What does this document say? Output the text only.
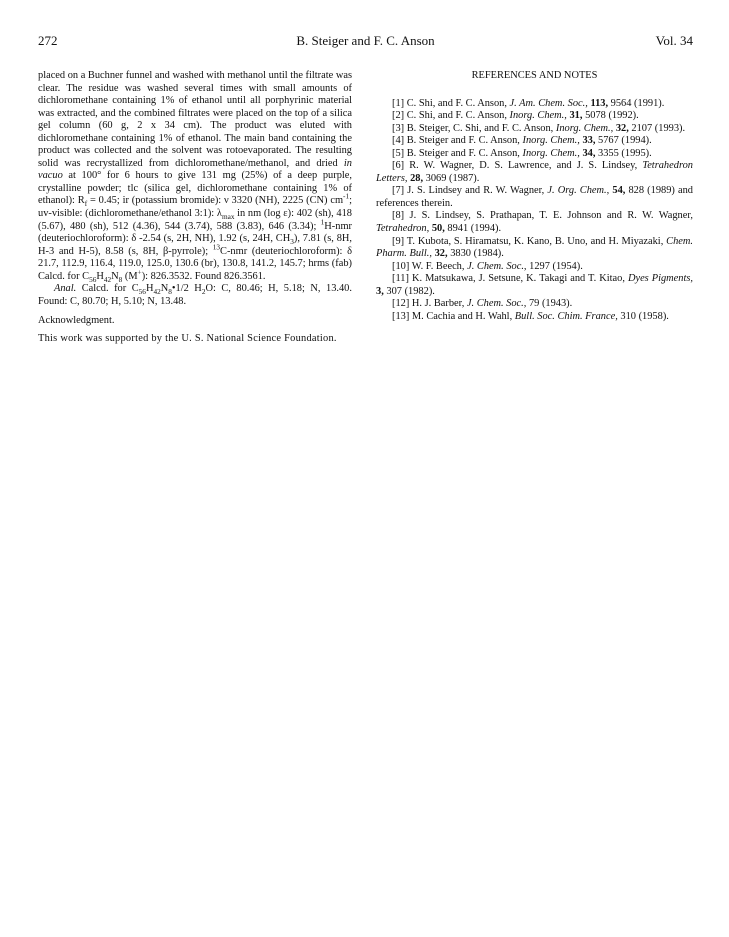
272	B. Steiger and F. C. Anson	Vol. 34

placed on a Buchner funnel and washed with methanol until the filtrate was clear. The residue was washed several times with small amounts of dichloromethane containing 1% of ethanol until all porphyrinic material was extracted, and the combined filtrates were placed on the top of a silica gel column (60 g, 2 x 34 cm). The product was eluted with dichloromethane containing 1% of ethanol. The main band containing the product was collected and the solvent was rotoevaporated. The resulting solid was recrystallized from dichloromethane/methanol, and dried in vacuo at 100° for 6 hours to give 131 mg (25%) of a deep purple, crystalline powder; tlc (silica gel, dichloromethane containing 1% of ethanol): $R_f = 0.45$; ir (potassium bromide): ν 3320 (NH), 2225 (CN) $cm^{-1}$; uv-visible: (dichloromethane/ethanol 3:1): $\lambda_{max}$ in nm (log ε): 402 (sh), 418 (5.67), 480 (sh), 512 (4.36), 544 (3.74), 588 (3.83), 646 (3.34); $^1$H-nmr (deuteriochloroform): δ -2.54 (s, 2H, NH), 1.92 (s, 24H, $CH_3$), 7.81 (s, 8H, H-3 and H-5), 8.58 (s, 8H, β-pyrrole); $^{13}$C-nmr (deuteriochloroform): δ 21.7, 112.9, 116.4, 119.0, 125.0, 130.6 (br), 130.8, 141.2, 145.7; hrms (fab) Calcd. for $C_{56}H_{42}N_8$ (M+): 826.3532. Found 826.3561.

Anal. Calcd. for $C_{56}H_{42}N_8•1/2$ $H_2O$: C, 80.46; H, 5.18; N, 13.40. Found: C, 80.70; H, 5.10; N, 13.48.

Acknowledgment.

This work was supported by the U. S. National Science Foundation.

REFERENCES AND NOTES

[1] C. Shi, and F. C. Anson, J. Am. Chem. Soc., 113, 9564 (1991).

[2] C. Shi, and F. C. Anson, Inorg. Chem., 31, 5078 (1992).

[3] B. Steiger, C. Shi, and F. C. Anson, Inorg. Chem., 32, 2107 (1993).

[4] B. Steiger and F. C. Anson, Inorg. Chem., 33, 5767 (1994).

[5] B. Steiger and F. C. Anson, Inorg. Chem., 34, 3355 (1995).

[6] R. W. Wagner, D. S. Lawrence, and J. S. Lindsey, Tetrahedron Letters, 28, 3069 (1987).

[7] J. S. Lindsey and R. W. Wagner, J. Org. Chem., 54, 828 (1989) and references therein.

[8] J. S. Lindsey, S. Prathapan, T. E. Johnson and R. W. Wagner, Tetrahedron, 50, 8941 (1994).

[9] T. Kubota, S. Hiramatsu, K. Kano, B. Uno, and H. Miyazaki, Chem. Pharm. Bull., 32, 3830 (1984).

[10] W. F. Beech, J. Chem. Soc., 1297 (1954).

[11] K. Matsukawa, J. Setsune, K. Takagi and T. Kitao, Dyes Pigments, 3, 307 (1982).

[12] H. J. Barber, J. Chem. Soc., 79 (1943).

[13] M. Cachia and H. Wahl, Bull. Soc. Chim. France, 310 (1958).
